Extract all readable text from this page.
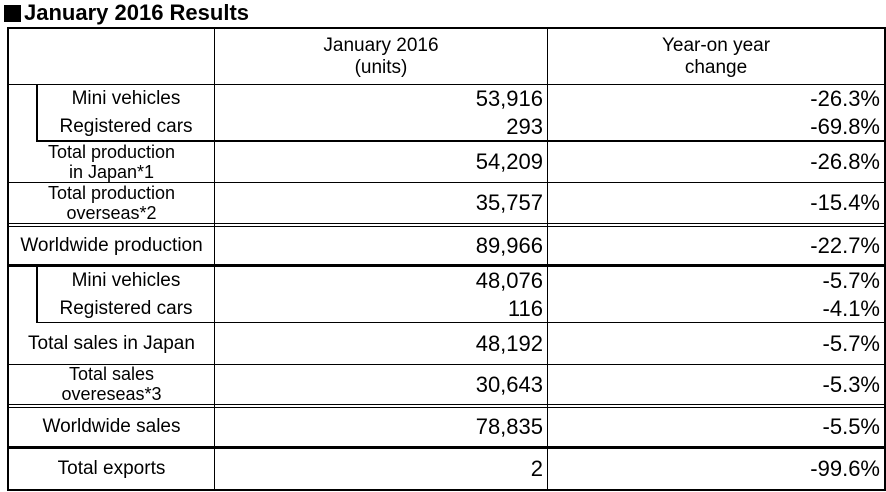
January 2016 Results
January 2016
(units)
Year-on year
change
Mini vehicles	53,916	-26.3%
Registered cars	293	-69.8%
Total production
in Japan*1	54,209	-26.8%
Total production
overseas*2	35,757	-15.4%
Worldwide production	89,966	-22.7%
Mini vehicles	48,076	-5.7%
Registered cars	116	-4.1%
Total sales in Japan	48,192	-5.7%
Total sales
overeseas*3	30,643	-5.3%
Worldwide sales	78,835	-5.5%
Total exports	2	-99.6%
